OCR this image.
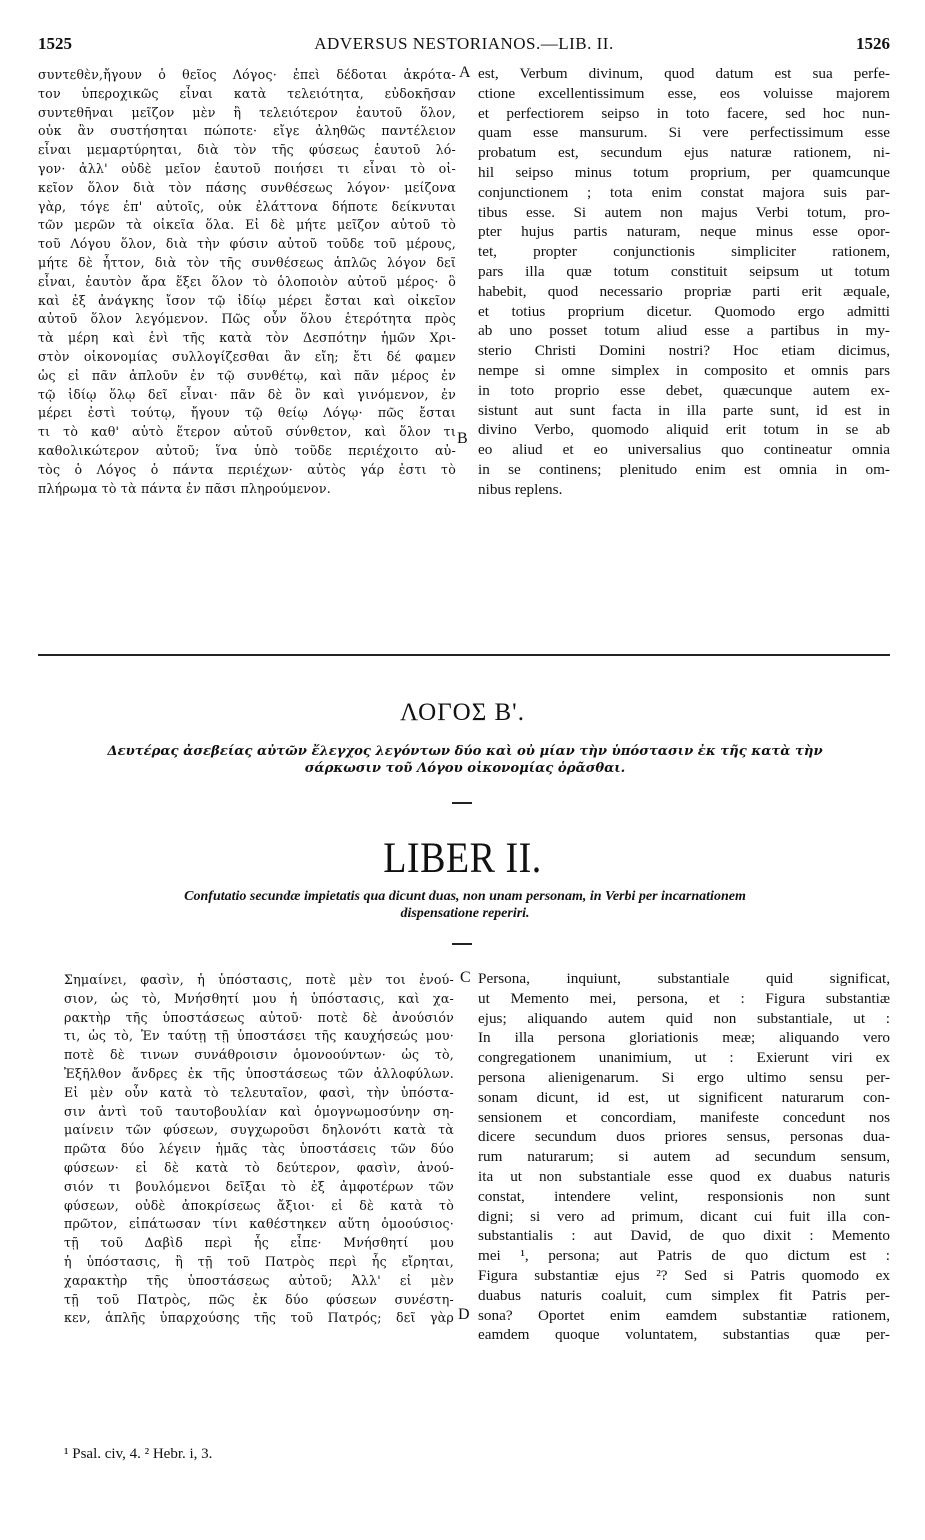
1525	ADVERSUS NESTORIANOS.—LIB. II.	1526
συντεθὲν,ἤγουν ὁ θεῖος Λόγος· ἐπεὶ δέδοται ἀκρότα-
τον ὑπεροχικῶς εἶναι κατὰ τελειότητα, εὐδοκῆσαν
συντεθῆναι μεῖζον μὲν ἢ τελειότερον ἑαυτοῦ ὅλον,
οὐκ ἂν συστήσηται πώποτε· εἴγε ἀληθῶς παντέλειον
εἶναι μεμαρτύρηται, διὰ τὸν τῆς φύσεως ἑαυτοῦ λό-
γον· ἀλλ' οὐδὲ μεῖον ἑαυτοῦ ποιήσει τι εἶναι τὸ οἰ-
κεῖον ὅλον διὰ τὸν πάσης συνθέσεως λόγον· μείζονα
γὰρ, τόγε ἐπ' αὐτοῖς, οὐκ ἐλάττονα δήποτε δείκνυται
τῶν μερῶν τὰ οἰκεῖα ὅλα. Εἰ δὲ μήτε μεῖζον αὐτοῦ τὸ
τοῦ Λόγου ὅλον, διὰ τὴν φύσιν αὐτοῦ τοῦδε τοῦ μέρους,
μήτε δὲ ἧττον, διὰ τὸν τῆς συνθέσεως ἁπλῶς λόγον δεῖ
εἶναι, ἑαυτὸν ἄρα ἕξει ὅλον τὸ ὁλοποιὸν αὐτοῦ μέρος· ὃ
καὶ ἐξ ἀνάγκης ἴσον τῷ ἰδίῳ μέρει ἔσται καὶ οἰκεῖον
αὐτοῦ ὅλον λεγόμενον. Πῶς οὖν ὅλου ἑτερότητα πρὸς
τὰ μέρη καὶ ἑνὶ τῆς κατὰ τὸν Δεσπότην ἡμῶν Χρι-
στὸν οἰκονομίας συλλογίζεσθαι ἂν εἴη; ἔτι δέ φαμεν
ὡς εἰ πᾶν ἁπλοῦν ἐν τῷ συνθέτῳ, καὶ πᾶν μέρος ἐν
τῷ ἰδίῳ ὅλῳ δεῖ εἶναι· πᾶν δὲ ὂν καὶ γινόμενον, ἐν
μέρει ἐστὶ τούτῳ, ἤγουν τῷ θείῳ Λόγῳ· πῶς ἔσται
τι τὸ καθ' αὑτὸ ἕτερον αὐτοῦ σύνθετον, καὶ ὅλον τι
καθολικώτερον αὐτοῦ; ἵνα ὑπὸ τοῦδε περιέχοιτο αὐ-
τὸς ὁ Λόγος ὁ πάντα περιέχων· αὐτὸς γάρ ἐστι τὸ
πλήρωμα τὸ τὰ πάντα ἐν πᾶσι πληρούμενον.
A
B
est, Verbum divinum, quod datum est sua perfe-
ctione excellentissimum esse, eos voluisse majorem
et perfectiorem seipso in toto facere, sed hoc nun-
quam esse mansurum. Si vere perfectissimum esse
probatum est, secundum ejus naturæ rationem, ni-
hil seipso minus totum proprium, per quamcunque
conjunctionem ; tota enim constat majora suis par-
tibus esse. Si autem non majus Verbi totum, pro-
pter hujus partis naturam, neque minus esse opor-
tet, propter conjunctionis simpliciter rationem,
pars illa quæ totum constituit seipsum ut totum
habebit, quod necessario propriæ parti erit æquale,
et totius proprium dicetur. Quomodo ergo admitti
ab uno posset totum aliud esse a partibus in my-
sterio Christi Domini nostri? Hoc etiam dicimus,
nempe si omne simplex in composito et omnis pars
in toto proprio esse debet, quæcunque autem ex-
sistunt aut sunt facta in illa parte sunt, id est in
divino Verbo, quomodo aliquid erit totum in se ab
eo aliud et eo universalius quo contineatur omnia
in se continens; plenitudo enim est omnia in om-
nibus replens.
ΛΟΓΟΣ Β'.
Δευτέρας ἀσεβείας αὐτῶν ἔλεγχος λεγόντων δύο καὶ οὐ μίαν τὴν ὑπόστασιν ἐκ τῆς κατὰ τὴν
σάρκωσιν τοῦ Λόγου οἰκονομίας ὁρᾶσθαι.
LIBER II.
Confutatio secundæ impietatis qua dicunt duas, non unam personam, in Verbi per incarnationem
dispensatione reperiri.
Σημαίνει, φασὶν, ἡ ὑπόστασις, ποτὲ μὲν τοι ἐνού-
σιον, ὡς τὸ, Μνήσθητί μου ἡ ὑπόστασις, καὶ χα-
ρακτὴρ τῆς ὑποστάσεως αὐτοῦ· ποτὲ δὲ ἀνούσιόν
τι, ὡς τὸ, Ἐν ταύτῃ τῇ ὑποστάσει τῆς καυχήσεώς μου·
ποτὲ δὲ τινων συνάθροισιν ὁμονοούντων· ὡς τὸ,
Ἐξῆλθον ἄνδρες ἐκ τῆς ὑποστάσεως τῶν ἀλλοφύλων.
Εἰ μὲν οὖν κατὰ τὸ τελευταῖον, φασὶ, τὴν ὑπόστα-
σιν ἀντὶ τοῦ ταυτοβουλίαν καὶ ὁμογνωμοσύνην ση-
μαίνειν τῶν φύσεων, συγχωροῦσι δηλονότι κατὰ τὰ
πρῶτα δύο λέγειν ἡμᾶς τὰς ὑποστάσεις τῶν δύο
φύσεων· εἰ δὲ κατὰ τὸ δεύτερον, φασὶν, ἀνού-
σιόν τι βουλόμενοι δεῖξαι τὸ ἐξ ἀμφοτέρων τῶν
φύσεων, οὐδὲ ἀποκρίσεως ἄξιοι· εἰ δὲ κατὰ τὸ
πρῶτον, εἰπάτωσαν τίνι καθέστηκεν αὕτη ὁμοούσιος·
τῇ τοῦ Δαβὶδ περὶ ἧς εἶπε· Μνήσθητί μου
ἡ ὑπόστασις, ἢ τῇ τοῦ Πατρὸς περὶ ἧς εἴρηται,
χαρακτὴρ τῆς ὑποστάσεως αὐτοῦ; Ἀλλ' εἰ μὲν
τῇ τοῦ Πατρὸς, πῶς ἐκ δύο φύσεων συνέστη-
κεν, ἁπλῆς ὑπαρχούσης τῆς τοῦ Πατρός; δεῖ γὰρ
C
D
Persona, inquiunt, substantiale quid significat,
ut Memento mei, persona, et : Figura substantiæ
ejus; aliquando autem quid non substantiale, ut :
In illa persona gloriationis meæ; aliquando vero
congregationem unanimium, ut : Exierunt viri ex
persona alienigenarum. Si ergo ultimo sensu per-
sonam dicunt, id est, ut significent naturarum con-
sensionem et concordiam, manifeste concedunt nos
dicere secundum duos priores sensus, personas dua-
rum naturarum; si autem ad secundum sensum,
ita ut non substantiale esse quod ex duabus naturis
constat, intendere velint, responsionis non sunt
digni; si vero ad primum, dicant cui fuit illa con-
substantialis : aut David, de quo dixit : Memento
mei ¹, persona; aut Patris de quo dictum est :
Figura substantiæ ejus ²? Sed si Patris quomodo ex
duabus naturis coaluit, cum simplex fit Patris per-
sona? Oportet enim eamdem substantiæ rationem,
eamdem quoque voluntatem, substantias quæ per-
¹ Psal. civ, 4. ² Hebr. i, 3.
